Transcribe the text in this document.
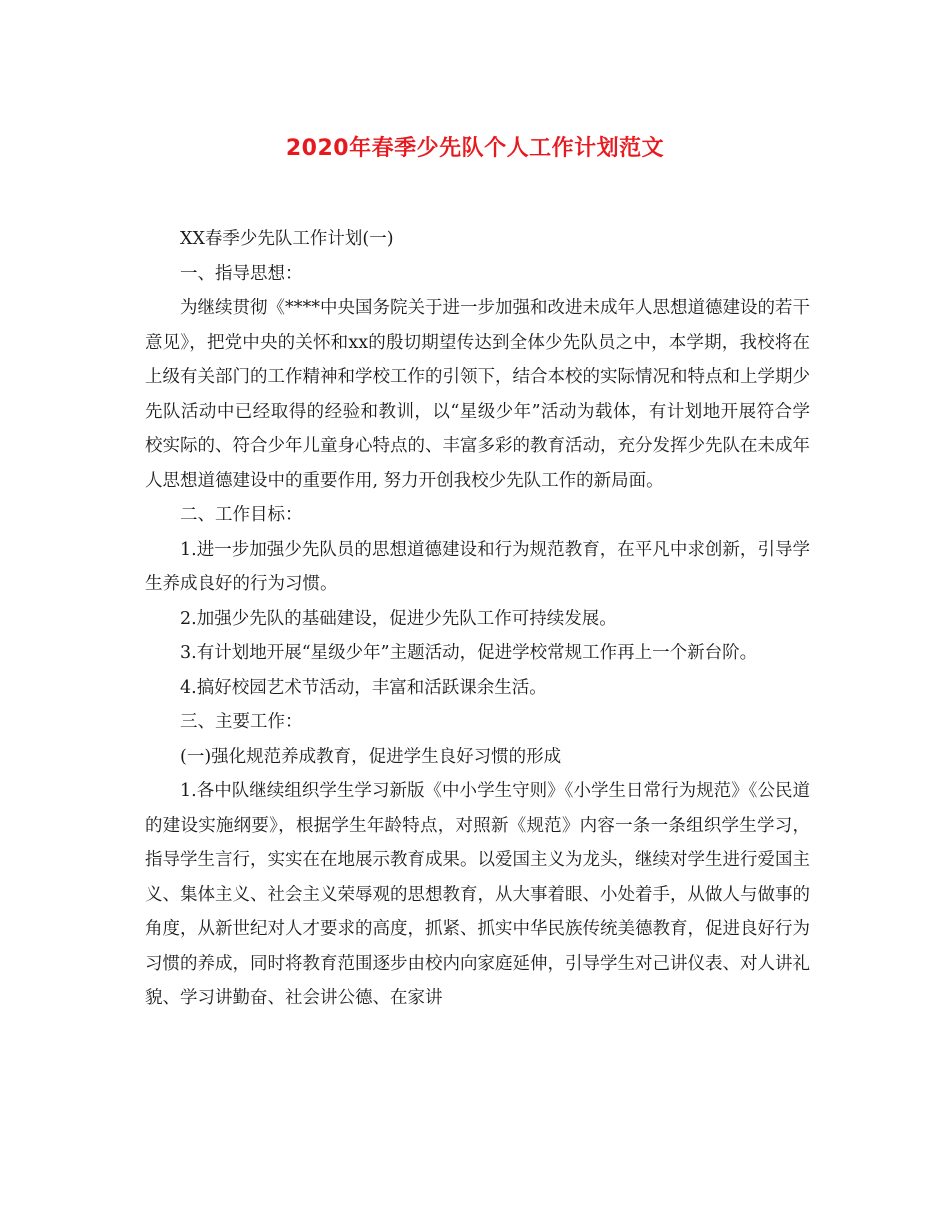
2020年春季少先队个人工作计划范文

XX春季少先队工作计划(一)

一、指导思想：

为继续贯彻《****中央国务院关于进一步加强和改进未成年人思想道德建设的若干意见》，把党中央的关怀和xx的殷切期望传达到全体少先队员之中，本学期，我校将在上级有关部门的工作精神和学校工作的引领下，结合本校的实际情况和特点和上学期少先队活动中已经取得的经验和教训，以“星级少年”活动为载体，有计划地开展符合学校实际的、符合少年儿童身心特点的、丰富多彩的教育活动，充分发挥少先队在未成年人思想道德建设中的重要作用, 努力开创我校少先队工作的新局面。

二、工作目标：

1.进一步加强少先队员的思想道德建设和行为规范教育，在平凡中求创新，引导学生养成良好的行为习惯。

2.加强少先队的基础建设，促进少先队工作可持续发展。

3.有计划地开展“星级少年”主题活动，促进学校常规工作再上一个新台阶。

4.搞好校园艺术节活动，丰富和活跃课余生活。

三、主要工作：

(一)强化规范养成教育，促进学生良好习惯的形成

1.各中队继续组织学生学习新版《中小学生守则》《小学生日常行为规范》《公民道的建设实施纲要》，根据学生年龄特点，对照新《规范》内容一条一条组织学生学习，指导学生言行，实实在在地展示教育成果。以爱国主义为龙头，继续对学生进行爱国主义、集体主义、社会主义荣辱观的思想教育，从大事着眼、小处着手，从做人与做事的角度，从新世纪对人才要求的高度，抓紧、抓实中华民族传统美德教育，促进良好行为习惯的养成，同时将教育范围逐步由校内向家庭延伸，引导学生对己讲仪表、对人讲礼貌、学习讲勤奋、社会讲公德、在家讲
